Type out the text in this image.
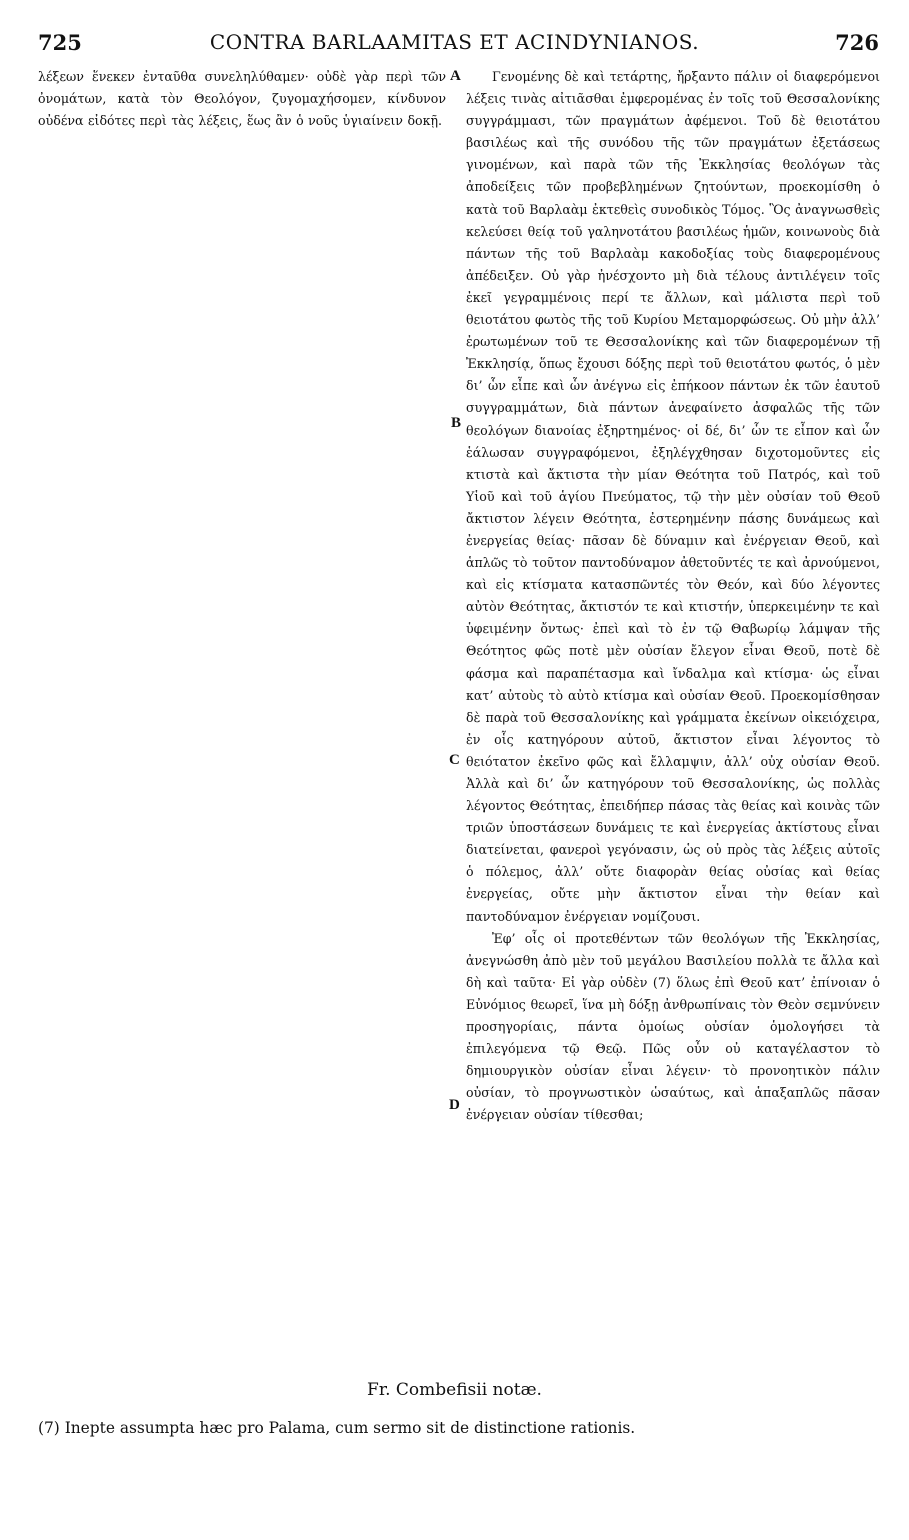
725	CONTRA BARLAAMITAS ET ACINDYNIANOS.	726

λέξεων ἕνεκεν ἐνταῦθα συνεληλύθαμεν· οὐδὲ γὰρ περὶ τῶν ὀνομάτων, κατὰ τὸν Θεολόγον, ζυγομαχήσομεν, κίνδυνον οὐδένα εἰδότες περὶ τὰς λέξεις, ἕως ἂν ὁ νοῦς ὑγιαίνειν δοκῇ.

Γενομένης δὲ καὶ τετάρτης, ἤρξαντο πάλιν οἱ διαφερόμενοι λέξεις τινὰς αἰτιᾶσθαι ἐμφερομένας ἐν τοῖς τοῦ Θεσσαλονίκης συγγράμμασι, τῶν πραγμάτων ἀφέμενοι. Τοῦ δὲ θειοτάτου βασιλέως καὶ τῆς συνόδου τῆς τῶν πραγμάτων ἐξετάσεως γινομένων, καὶ παρὰ τῶν τῆς Ἐκκλησίας θεολόγων τὰς ἀποδείξεις τῶν προβεβλημένων ζητούντων, προεκομίσθη ὁ κατὰ τοῦ Βαρλαὰμ ἐκτεθεὶς συνοδικὸς Τόμος. Ὃς ἀναγνωσθεὶς κελεύσει θείᾳ τοῦ γαληνοτάτου βασιλέως ἡμῶν, κοινωνοὺς διὰ πάντων τῆς τοῦ Βαρλαὰμ κακοδοξίας τοὺς διαφερομένους ἀπέδειξεν. Οὐ γὰρ ἠνέσχοντο μὴ διὰ τέλους ἀντιλέγειν τοῖς ἐκεῖ γεγραμμένοις περί τε ἄλλων, καὶ μάλιστα περὶ τοῦ θειοτάτου φωτὸς τῆς τοῦ Κυρίου Μεταμορφώσεως. Οὐ μὴν ἀλλ’ ἐρωτωμένων τοῦ τε Θεσσαλονίκης καὶ τῶν διαφερομένων τῇ Ἐκκλησίᾳ, ὅπως ἔχουσι δόξης περὶ τοῦ θειοτάτου φωτός, ὁ μὲν δι’ ὧν εἶπε καὶ ὧν ἀνέγνω εἰς ἐπήκοον πάντων ἐκ τῶν ἑαυτοῦ συγγραμμάτων, διὰ πάντων ἀνεφαίνετο ἀσφαλῶς τῆς τῶν θεολόγων διανοίας ἐξηρτημένος· οἱ δέ, δι’ ὧν τε εἶπον καὶ ὧν ἑάλωσαν συγγραφόμενοι, ἐξηλέγχθησαν διχοτομοῦντες εἰς κτιστὰ καὶ ἄκτιστα τὴν μίαν Θεότητα τοῦ Πατρός, καὶ τοῦ Υἱοῦ καὶ τοῦ ἁγίου Πνεύματος, τῷ τὴν μὲν οὐσίαν τοῦ Θεοῦ ἄκτιστον λέγειν Θεότητα, ἐστερημένην πάσης δυνάμεως καὶ ἐνεργείας θείας· πᾶσαν δὲ δύναμιν καὶ ἐνέργειαν Θεοῦ, καὶ ἁπλῶς τὸ τοῦτον παντοδύναμον ἀθετοῦντές τε καὶ ἀρνούμενοι, καὶ εἰς κτίσματα κατασπῶντές τὸν Θεόν, καὶ δύο λέγοντες αὐτὸν Θεότητας, ἄκτιστόν τε καὶ κτιστήν, ὑπερκειμένην τε καὶ ὑφειμένην ὄντως· ἐπεὶ καὶ τὸ ἐν τῷ Θαβωρίῳ λάμψαν τῆς Θεότητος φῶς ποτὲ μὲν οὐσίαν ἔλεγον εἶναι Θεοῦ, ποτὲ δὲ φάσμα καὶ παραπέτασμα καὶ ἴνδαλμα καὶ κτίσμα· ὡς εἶναι κατ’ αὐτοὺς τὸ αὐτὸ κτίσμα καὶ οὐσίαν Θεοῦ. Προεκομίσθησαν δὲ παρὰ τοῦ Θεσσαλονίκης καὶ γράμματα ἐκείνων οἰκειόχειρα, ἐν οἷς κατηγόρουν αὐτοῦ, ἄκτιστον εἶναι λέγοντος τὸ θειότατον ἐκεῖνο φῶς καὶ ἔλλαμψιν, ἀλλ’ οὐχ οὐσίαν Θεοῦ. Ἀλλὰ καὶ δι’ ὧν κατηγόρουν τοῦ Θεσσαλονίκης, ὡς πολλὰς λέγοντος Θεότητας, ἐπειδήπερ πάσας τὰς θείας καὶ κοινὰς τῶν τριῶν ὑποστάσεων δυνάμεις τε καὶ ἐνεργείας ἀκτίστους εἶναι διατείνεται, φανεροὶ γεγόνασιν, ὡς οὐ πρὸς τὰς λέξεις αὐτοῖς ὁ πόλεμος, ἀλλ’ οὔτε διαφορὰν θείας οὐσίας καὶ θείας ἐνεργείας, οὔτε μὴν ἄκτιστον εἶναι τὴν θείαν καὶ παντοδύναμον ἐνέργειαν νομίζουσι.

Ἐφ’ οἷς οἱ προτεθέντων τῶν θεολόγων τῆς Ἐκκλησίας, ἀνεγνώσθη ἀπὸ μὲν τοῦ μεγάλου Βασιλείου πολλὰ τε ἄλλα καὶ δὴ καὶ ταῦτα· Εἰ γὰρ οὐδὲν (7) ὅλως ἐπὶ Θεοῦ κατ’ ἐπίνοιαν ὁ Εὐνόμιος θεωρεῖ, ἵνα μὴ δόξῃ ἀνθρωπίναις τὸν Θεὸν σεμνύνειν προσηγορίαις, πάντα ὁμοίως οὐσίαν ὁμολογήσει τὰ ἐπιλεγόμενα τῷ Θεῷ. Πῶς οὖν οὐ καταγέλαστον τὸ δημιουργικὸν οὐσίαν εἶναι λέγειν· τὸ προνοητικὸν πάλιν οὐσίαν, τὸ προγνωστικὸν ὡσαύτως, καὶ ἁπαξαπλῶς πᾶσαν ἐνέργειαν οὐσίαν τίθεσθαι;

A
B
C
D
Fr. Combefisii notæ.
(7) Inepte assumpta hæc pro Palama, cum sermo sit de distinctione rationis.
